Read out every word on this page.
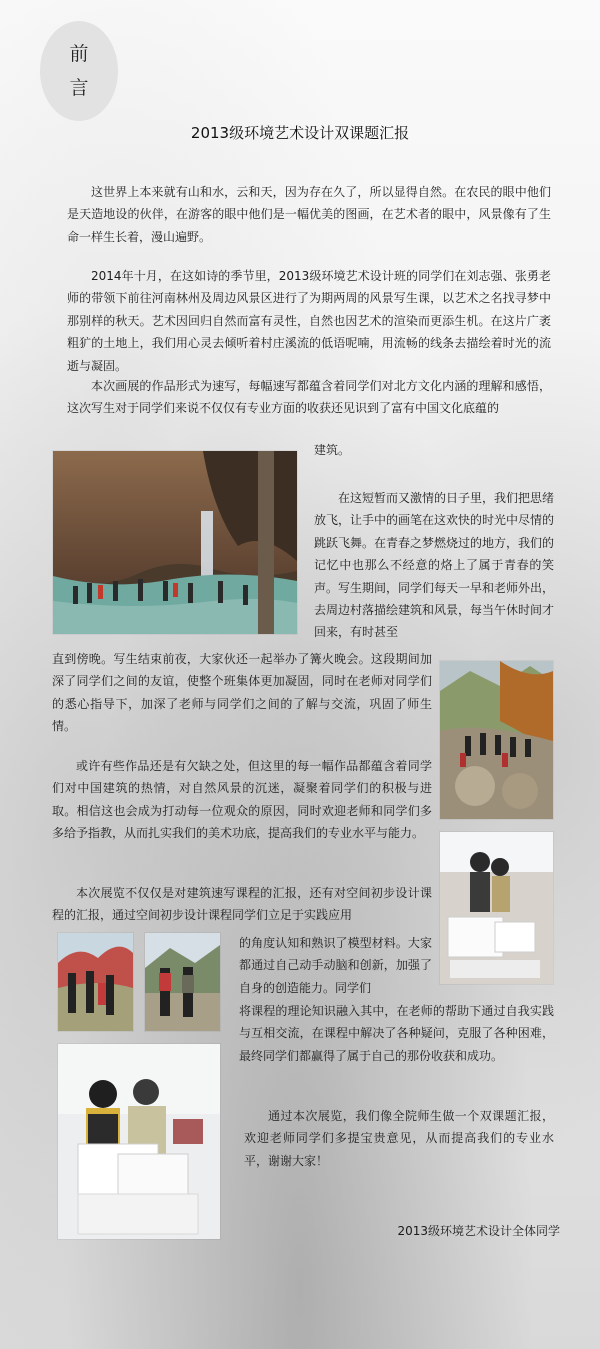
前
言
2013级环境艺术设计双课题汇报

这世界上本来就有山和水，云和天，因为存在久了，所以显得自然。在农民的眼中他们是天造地设的伙伴，在游客的眼中他们是一幅优美的图画，在艺术者的眼中，风景像有了生命一样生长着，漫山遍野。

2014年十月，在这如诗的季节里，2013级环境艺术设计班的同学们在刘志强、张勇老师的带领下前往河南林州及周边风景区进行了为期两周的风景写生课，以艺术之名找寻梦中那别样的秋天。艺术因回归自然而富有灵性，自然也因艺术的渲染而更添生机。在这片广袤粗犷的土地上，我们用心灵去倾听着村庄溪流的低语呢喃，用流畅的线条去描绘着时光的流逝与凝固。

本次画展的作品形式为速写，每幅速写都蕴含着同学们对北方文化内涵的理解和感悟，这次写生对于同学们来说不仅仅有专业方面的收获还见识到了富有中国文化底蕴的

建筑。

在这短暂而又激情的日子里，我们把思绪放飞，让手中的画笔在这欢快的时光中尽情的跳跃飞舞。在青春之梦燃烧过的地方，我们的记忆中也那么不经意的烙上了属于青春的笑声。写生期间，同学们每天一早和老师外出，去周边村落描绘建筑和风景，每当午休时间才回来，有时甚至

直到傍晚。写生结束前夜，大家伙还一起举办了篝火晚会。这段期间加深了同学们之间的友谊，使整个班集体更加凝固，同时在老师对同学们的悉心指导下，加深了老师与同学们之间的了解与交流，巩固了师生情。

或许有些作品还是有欠缺之处，但这里的每一幅作品都蕴含着同学们对中国建筑的热情，对自然风景的沉迷，凝聚着同学们的积极与进取。相信这也会成为打动每一位观众的原因，同时欢迎老师和同学们多多给予指教，从而扎实我们的美术功底，提高我们的专业水平与能力。

本次展览不仅仅是对建筑速写课程的汇报，还有对空间初步设计课程的汇报，通过空间初步设计课程同学们立足于实践应用

的角度认知和熟识了模型材料。大家都通过自己动手动脑和创新，加强了自身的创造能力。同学们

将课程的理论知识融入其中，在老师的帮助下通过自我实践与互相交流，在课程中解决了各种疑问，克服了各种困难，最终同学们都赢得了属于自己的那份收获和成功。

通过本次展览，我们像全院师生做一个双课题汇报，欢迎老师同学们多提宝贵意见，从而提高我们的专业水平，谢谢大家！

2013级环境艺术设计全体同学
